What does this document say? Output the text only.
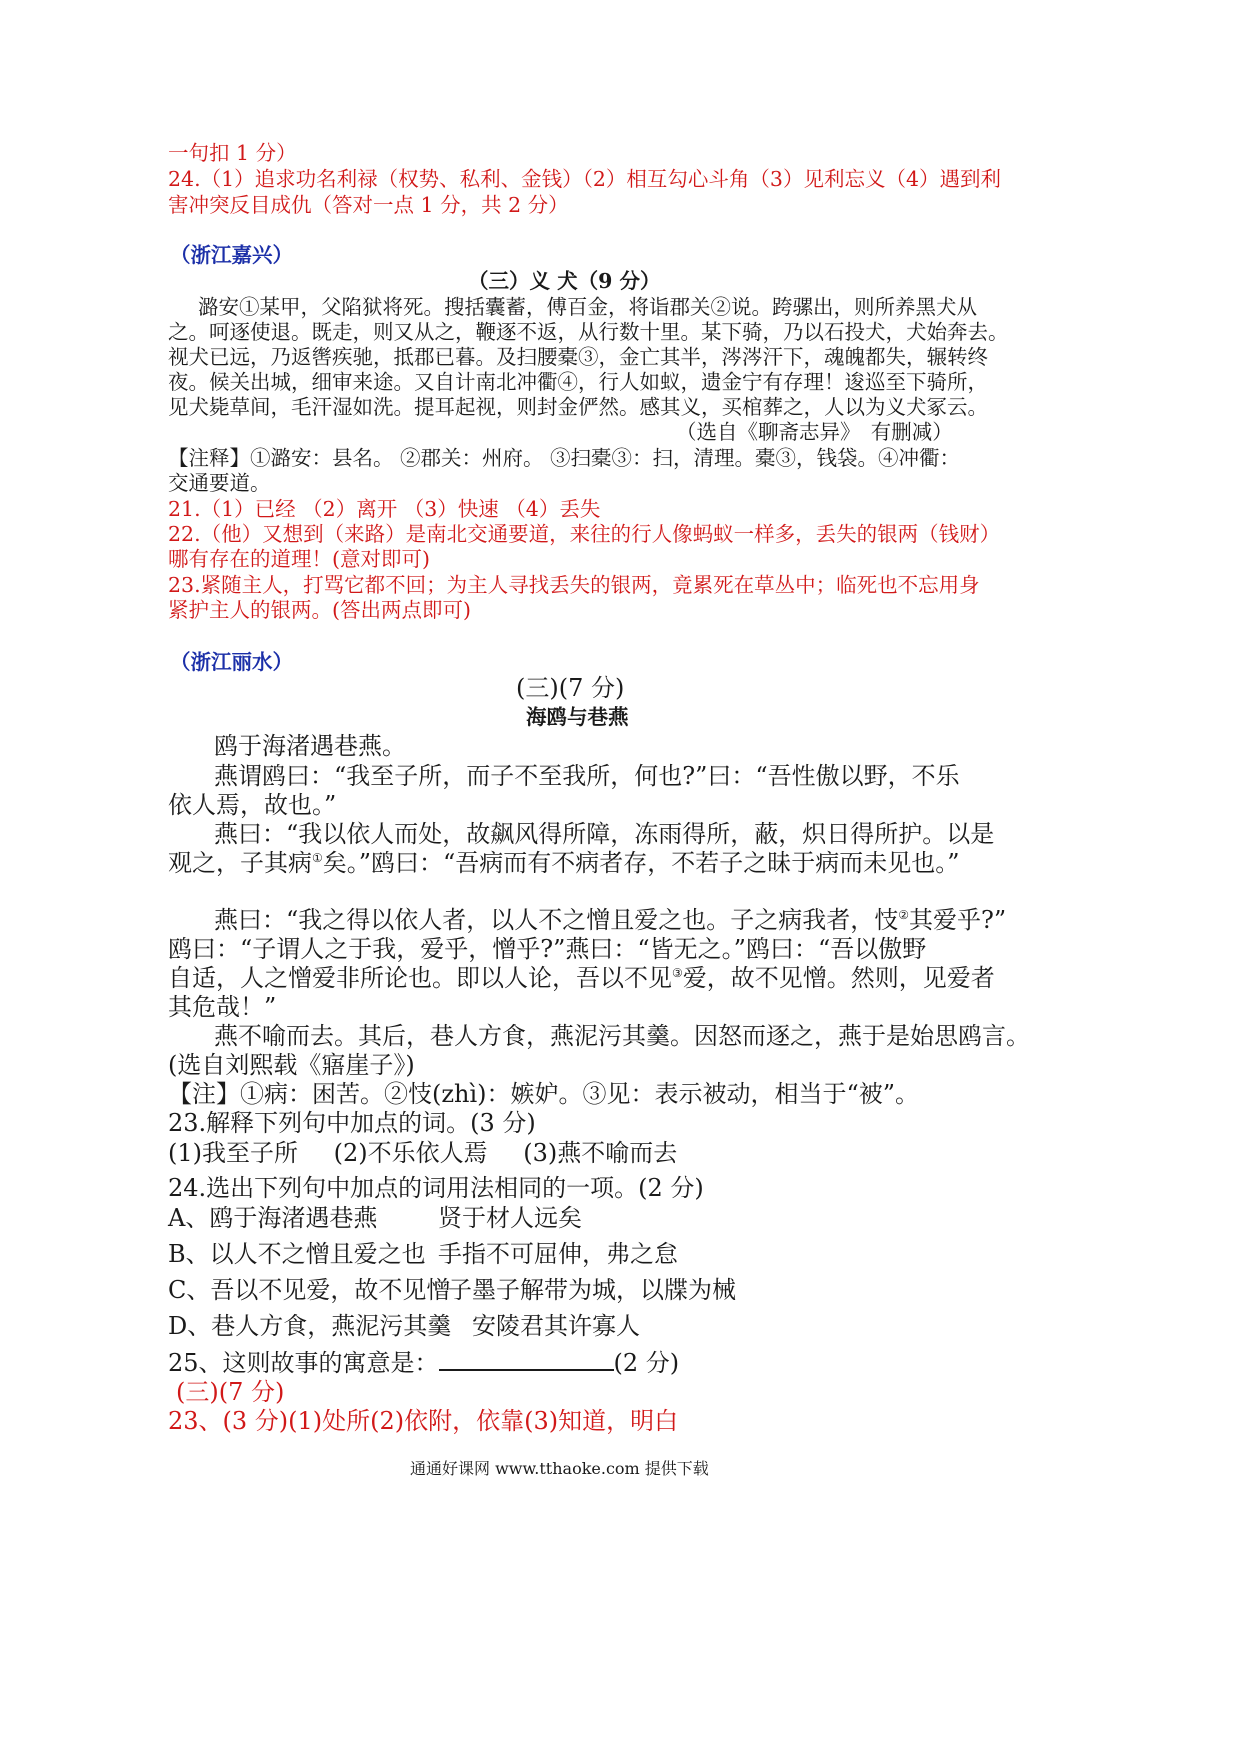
一句扣 1 分）
24.（1）追求功名利禄（权势、私利、金钱）（2）相互勾心斗角（3）见利忘义（4）遇到利
害冲突反目成仇（答对一点 1 分，共 2 分）
（浙江嘉兴）
（三）义 犬（9 分）
潞安①某甲，父陷狱将死。搜括囊蓄，傅百金，将诣郡关②说。跨骡出，则所养黑犬从
之。呵逐使退。既走，则又从之，鞭逐不返，从行数十里。某下骑，乃以石投犬，犬始奔去。
视犬已远，乃返辔疾驰，抵郡已暮。及扫腰橐③，金亡其半，涔涔汗下，魂魄都失，辗转终
夜。候关出城，细审来途。又自计南北冲衢④，行人如蚁，遗金宁有存理！逡巡至下骑所，
见犬毙草间，毛汗湿如洗。提耳起视，则封金俨然。感其义，买棺葬之，人以为义犬冢云。
（选自《聊斋志异》　有删减）
【注释】①潞安：县名。 ②郡关：州府。 ③扫橐③：扫，清理。橐③，钱袋。④冲衢：
交通要道。
21.（1）已经 （2）离开 （3）快速 （4）丢失
22.（他）又想到（来路）是南北交通要道，来往的行人像蚂蚁一样多，丢失的银两（钱财）
哪有存在的道理！(意对即可)
23.紧随主人，打骂它都不回；为主人寻找丢失的银两，竟累死在草丛中；临死也不忘用身
紧护主人的银两。(答出两点即可)
（浙江丽水）
(三)(7 分)
海鸥与巷燕
鸥于海渚遇巷燕。
燕谓鸥曰：“我至子所，而子不至我所，何也?”曰：“吾性傲以野，不乐
依人焉，故也。”
燕曰：“我以依人而处，故飙风得所障，冻雨得所，蔽，炽日得所护。以是
观之，子其病①矣。”鸥曰：“吾病而有不病者存，不若子之昧于病而未见也。”
燕曰：“我之得以依人者，以人不之憎且爱之也。子之病我者，忮②其爱乎?”
鸥曰：“子谓人之于我，爱乎，憎乎?”燕曰：“皆无之。”鸥曰：“吾以傲野
自适，人之憎爱非所论也。即以人论，吾以不见③爱，故不见憎。然则，见爱者
其危哉！”
燕不喻而去。其后，巷人方食，燕泥污其羹。因怒而逐之，燕于是始思鸥言。
(选自刘熙载《寤崖子》)
【注】①病：困苦。②忮(zhì)：嫉妒。③见：表示被动，相当于“被”。
23.解释下列句中加点的词。(3 分)
(1)我至子所 (2)不乐依人焉 (3)燕不喻而去
24.选出下列句中加点的词用法相同的一项。(2 分)
A、鸥于海渚遇巷燕	贤于材人远矣
B、以人不之憎且爱之也 手指不可屈伸，弗之怠
C、吾以不见爱，故不见憎
子墨子解带为城，以牒为械
D、巷人方食，燕泥污其羹 安陵君其许寡人
25、这则故事的寓意是：	(2 分)
(三)(7 分)
23、(3 分)(1)处所(2)依附，依靠(3)知道，明白
通通好课网 www.tthaoke.com 提供下载
